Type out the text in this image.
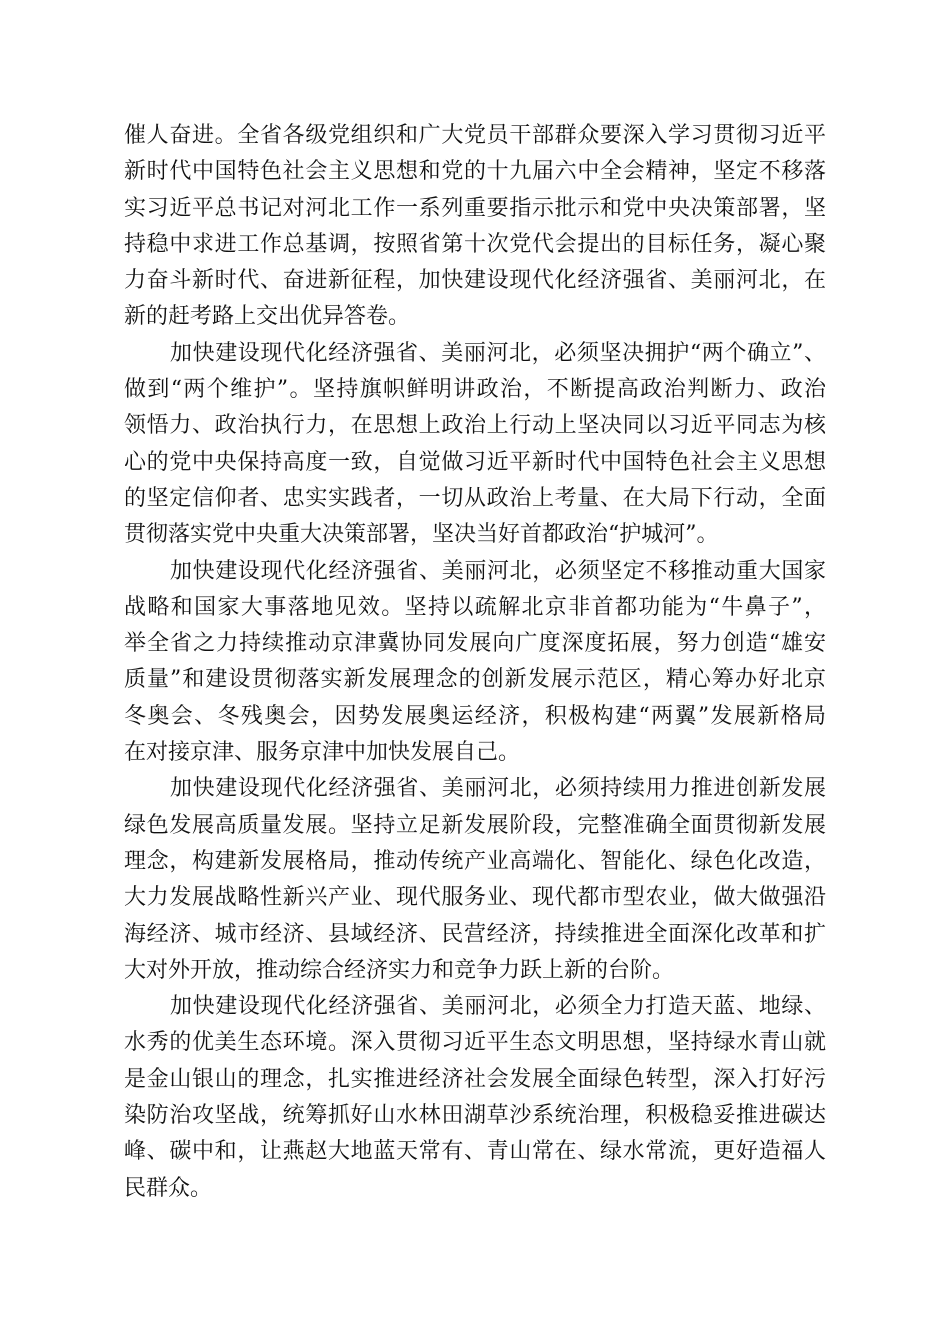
催人奋进。全省各级党组织和广大党员干部群众要深入学习贯彻习近平
新时代中国特色社会主义思想和党的十九届六中全会精神，坚定不移落
实习近平总书记对河北工作一系列重要指示批示和党中央决策部署，坚
持稳中求进工作总基调，按照省第十次党代会提出的目标任务，凝心聚
力奋斗新时代、奋进新征程，加快建设现代化经济强省、美丽河北，在
新的赶考路上交出优异答卷。
加快建设现代化经济强省、美丽河北，必须坚决拥护“两个确立”、
做到“两个维护”。坚持旗帜鲜明讲政治，不断提高政治判断力、政治
领悟力、政治执行力，在思想上政治上行动上坚决同以习近平同志为核
心的党中央保持高度一致，自觉做习近平新时代中国特色社会主义思想
的坚定信仰者、忠实实践者，一切从政治上考量、在大局下行动，全面
贯彻落实党中央重大决策部署，坚决当好首都政治“护城河”。
加快建设现代化经济强省、美丽河北，必须坚定不移推动重大国家
战略和国家大事落地见效。坚持以疏解北京非首都功能为“牛鼻子”，
举全省之力持续推动京津冀协同发展向广度深度拓展，努力创造“雄安
质量”和建设贯彻落实新发展理念的创新发展示范区，精心筹办好北京
冬奥会、冬残奥会，因势发展奥运经济，积极构建“两翼”发展新格局
在对接京津、服务京津中加快发展自己。
加快建设现代化经济强省、美丽河北，必须持续用力推进创新发展
绿色发展高质量发展。坚持立足新发展阶段，完整准确全面贯彻新发展
理念，构建新发展格局，推动传统产业高端化、智能化、绿色化改造，
大力发展战略性新兴产业、现代服务业、现代都市型农业，做大做强沿
海经济、城市经济、县域经济、民营经济，持续推进全面深化改革和扩
大对外开放，推动综合经济实力和竞争力跃上新的台阶。
加快建设现代化经济强省、美丽河北，必须全力打造天蓝、地绿、
水秀的优美生态环境。深入贯彻习近平生态文明思想，坚持绿水青山就
是金山银山的理念，扎实推进经济社会发展全面绿色转型，深入打好污
染防治攻坚战，统筹抓好山水林田湖草沙系统治理，积极稳妥推进碳达
峰、碳中和，让燕赵大地蓝天常有、青山常在、绿水常流，更好造福人
民群众。
